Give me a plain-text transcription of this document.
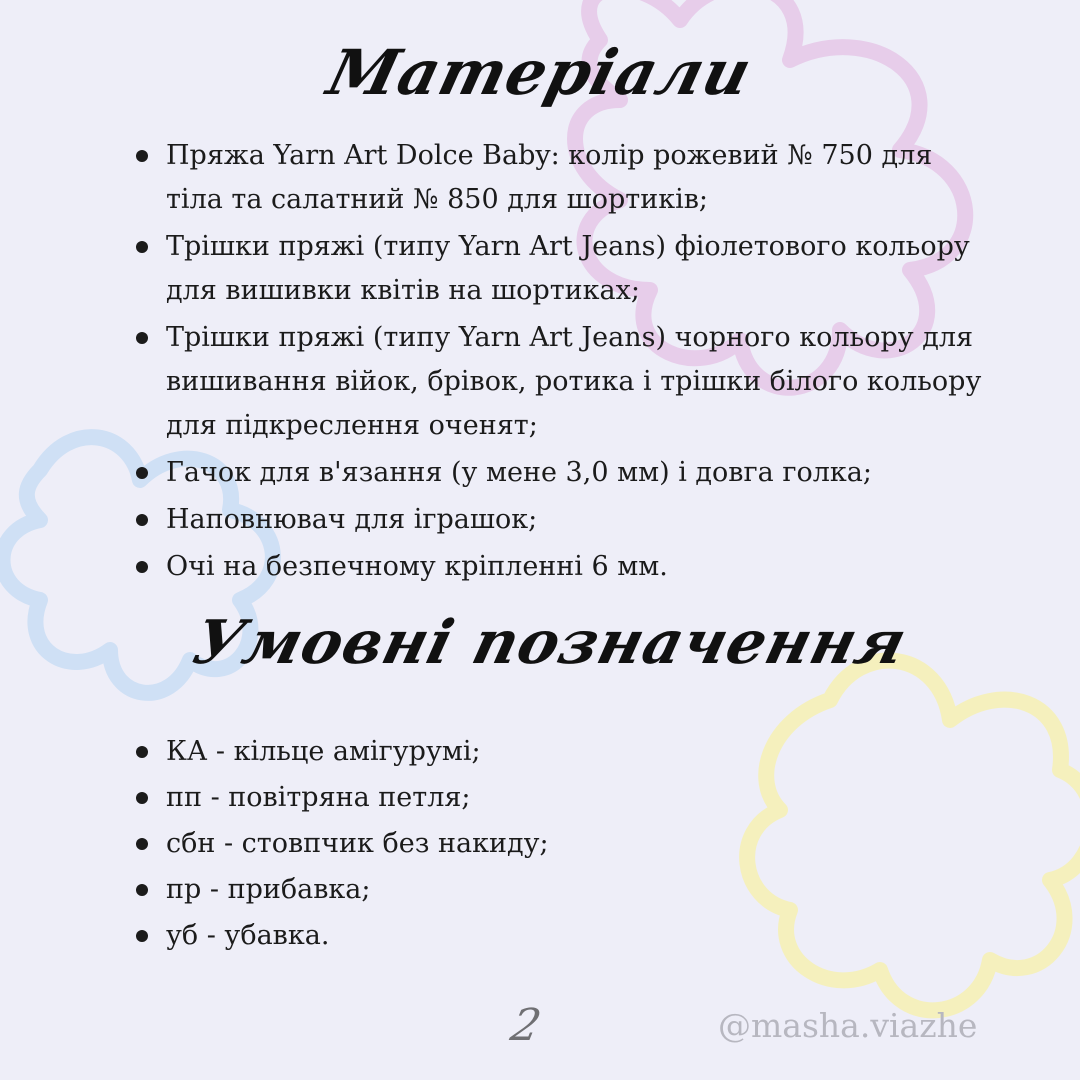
Матеріали
Пряжа Yarn Art Dolce Baby: колір рожевий № 750 для тіла та салатний № 850 для шортиків;
Трішки пряжі (типу Yarn Art Jeans) фіолетового кольору для вишивки квітів на шортиках;
Трішки пряжі (типу Yarn Art Jeans) чорного кольору для вишивання війок, брівок, ротика і трішки білого кольору для підкреслення оченят;
Гачок для в'язання (у мене 3,0 мм) і довга голка;
Наповнювач для іграшок;
Очі на безпечному кріпленні 6 мм.
Умовні позначення
КА - кільце амігурумі;
пп - повітряна петля;
сбн - стовпчик без накиду;
пр - прибавка;
уб - убавка.
2	@masha.viazhe
